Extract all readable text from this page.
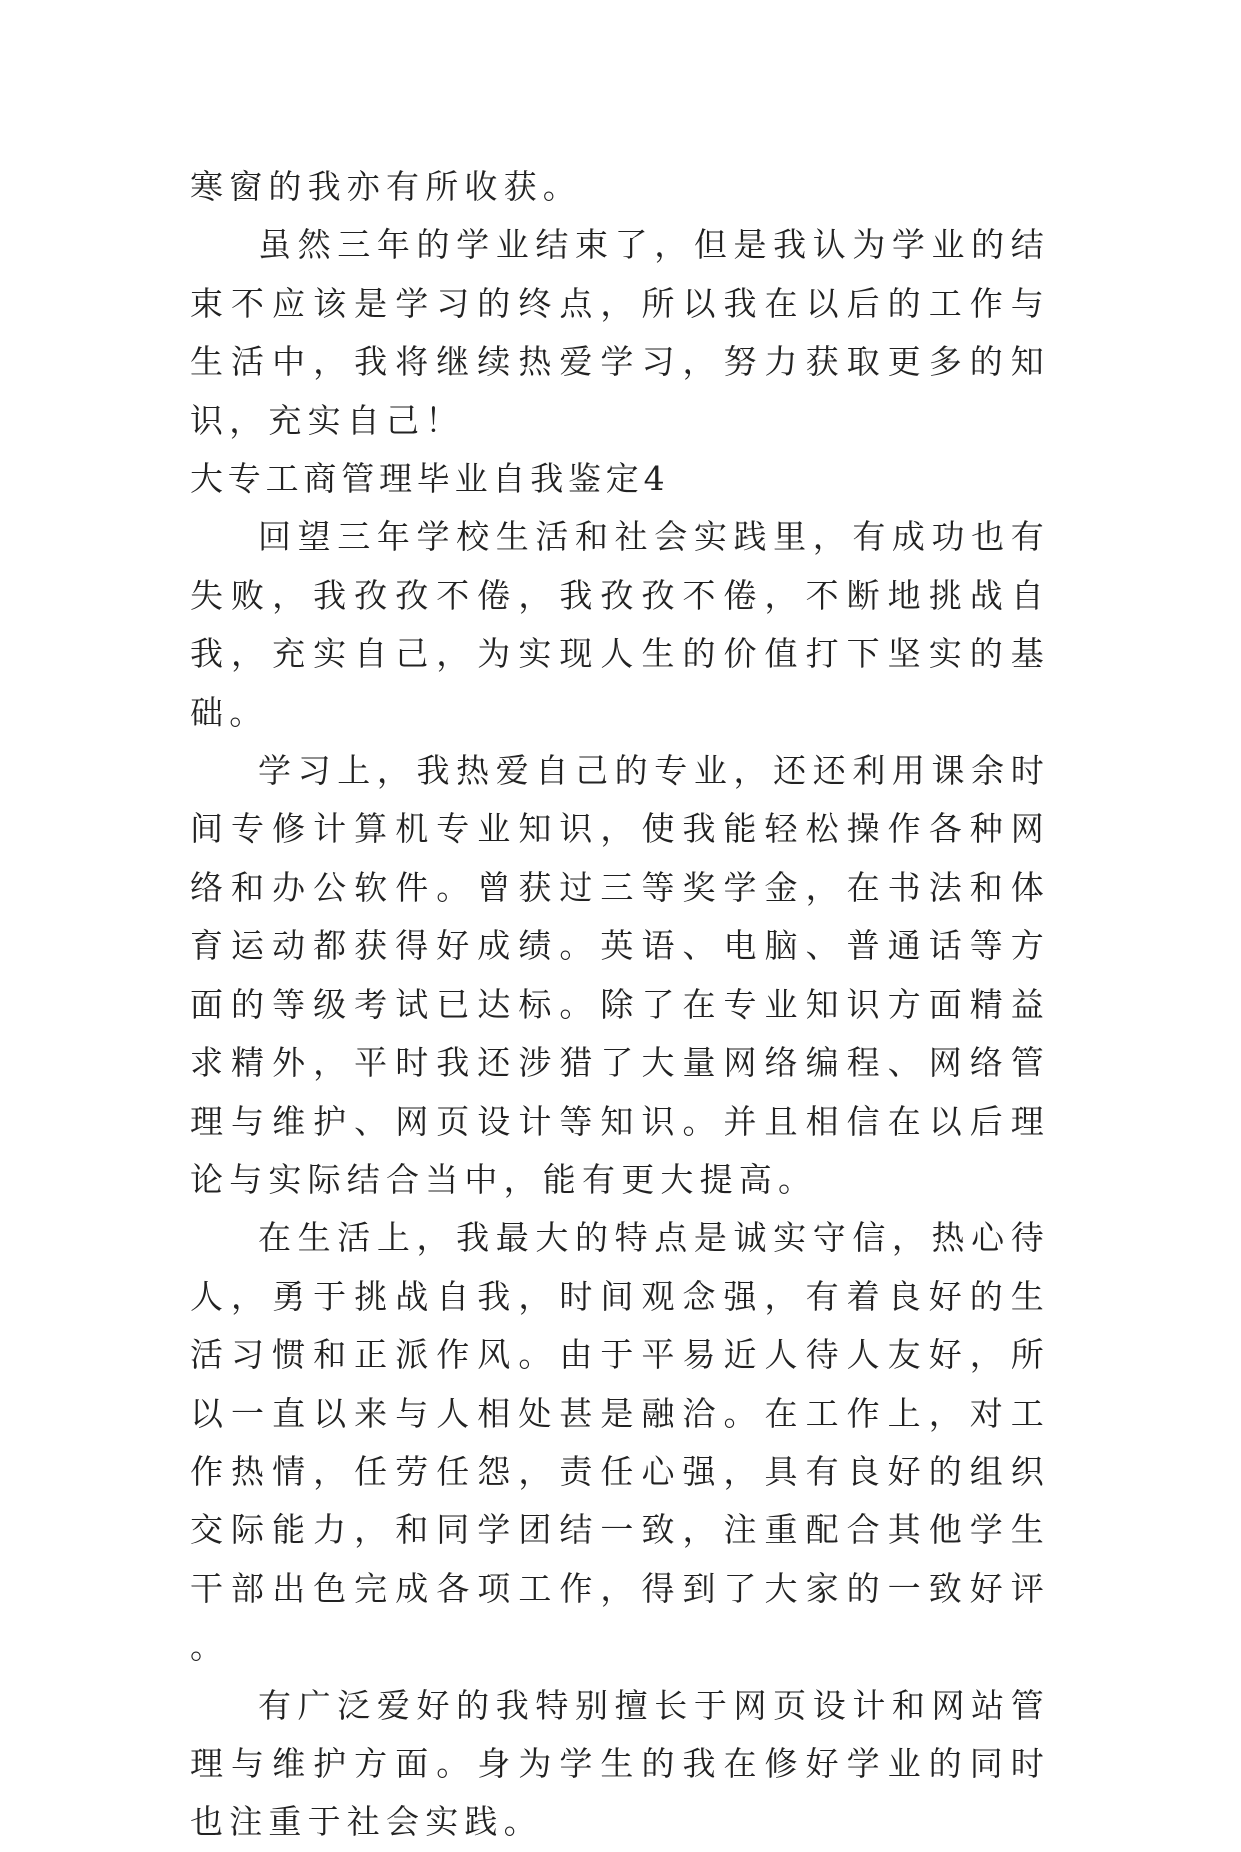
寒窗的我亦有所收获。

虽然三年的学业结束了，但是我认为学业的结束不应该是学习的终点，所以我在以后的工作与生活中，我将继续热爱学习，努力获取更多的知识，充实自己！

大专工商管理毕业自我鉴定4

回望三年学校生活和社会实践里，有成功也有失败，我孜孜不倦，我孜孜不倦，不断地挑战自我，充实自己，为实现人生的价值打下坚实的基础。

学习上，我热爱自己的专业，还还利用课余时间专修计算机专业知识，使我能轻松操作各种网络和办公软件。曾获过三等奖学金，在书法和体育运动都获得好成绩。英语、电脑、普通话等方面的等级考试已达标。除了在专业知识方面精益求精外，平时我还涉猎了大量网络编程、网络管理与维护、网页设计等知识。并且相信在以后理论与实际结合当中，能有更大提高。

在生活上，我最大的特点是诚实守信，热心待人，勇于挑战自我，时间观念强，有着良好的生活习惯和正派作风。由于平易近人待人友好，所以一直以来与人相处甚是融洽。在工作上，对工作热情，任劳任怨，责任心强，具有良好的组织交际能力，和同学团结一致，注重配合其他学生干部出色完成各项工作，得到了大家的一致好评。

有广泛爱好的我特别擅长于网页设计和网站管理与维护方面。身为学生的我在修好学业的同时也注重于社会实践。
